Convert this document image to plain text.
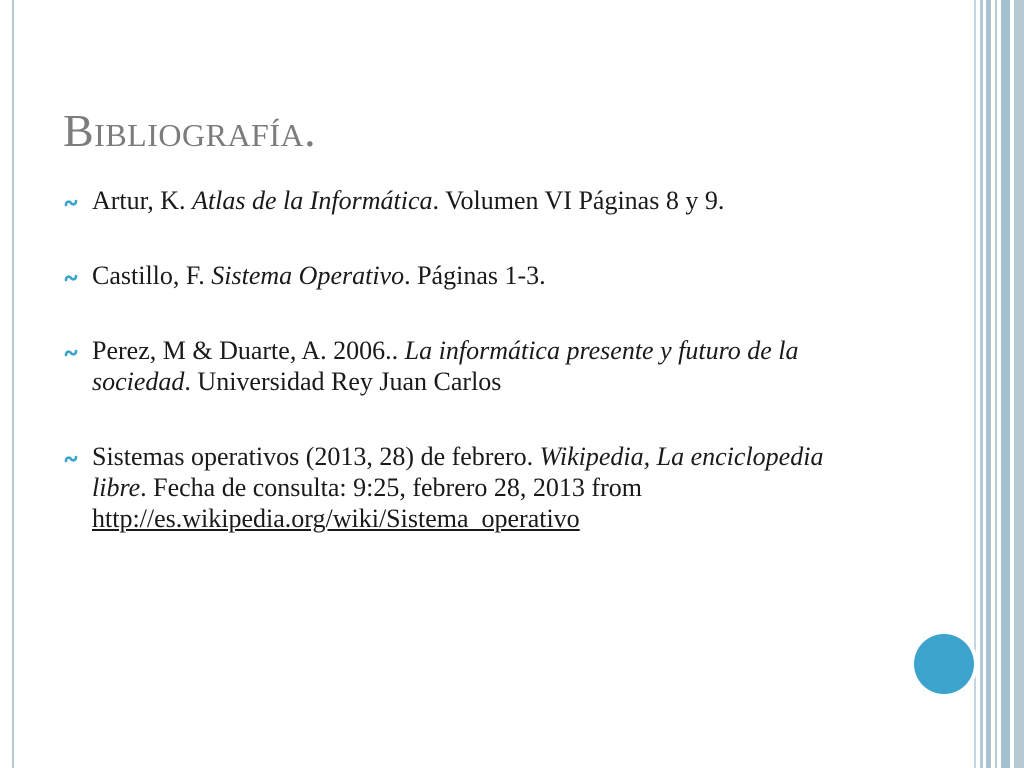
Bibliografía.
Artur, K. Atlas de la Informática. Volumen VI Páginas 8 y 9.
Castillo, F. Sistema Operativo. Páginas 1-3.
Perez, M & Duarte, A. 2006.. La informática presente y futuro de la sociedad. Universidad Rey Juan Carlos
Sistemas operativos (2013, 28) de febrero. Wikipedia, La enciclopedia libre. Fecha de consulta: 9:25, febrero 28, 2013 from http://es.wikipedia.org/wiki/Sistema_operativo
